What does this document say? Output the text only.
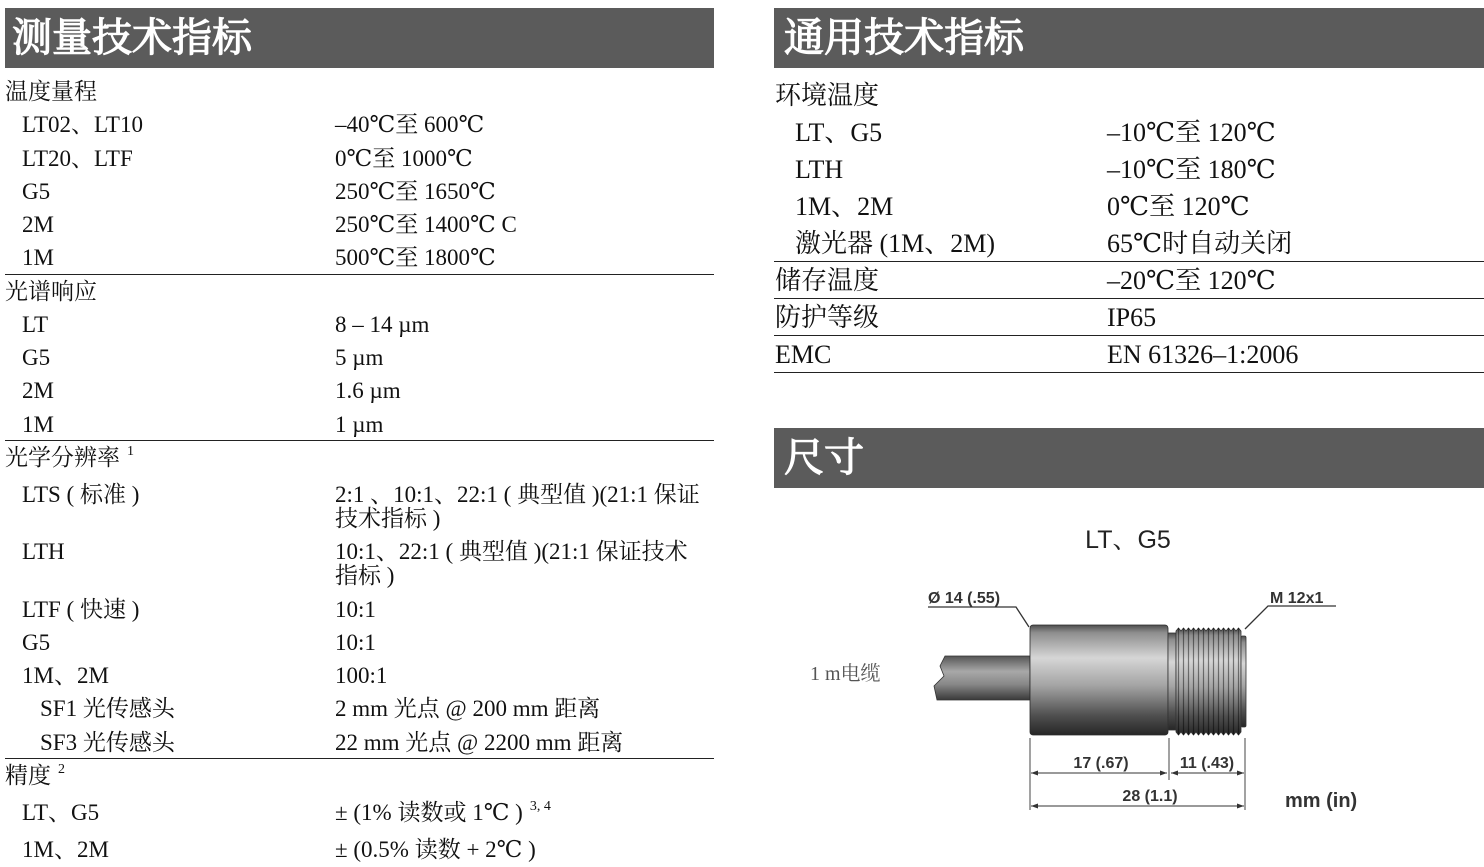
测量技术指标
温度量程
LT02、LT10	–40℃至 600℃
LT20、LTF	0℃至 1000℃
G5	250℃至 1650℃
2M	250℃至 1400℃ C
1M	500℃至 1800℃
光谱响应
LT	8 – 14 µm
G5	5 µm
2M	1.6 µm
1M	1 µm
光学分辨率 $^1$
LTS ( 标准 )	2:1 、10:1、22:1 ( 典型值 )(21:1 保证技术指标 )
LTH	10:1、22:1 ( 典型值 )(21:1 保证技术指标 )
LTF ( 快速 )	10:1
G5	10:1
1M、2M	100:1
SF1 光传感头	2 mm 光点 @ 200 mm 距离
SF3 光传感头	22 mm 光点 @ 2200 mm 距离
精度 $^2$
LT、G5	± (1% 读数或 1℃ ) $^{3, 4}$
1M、2M	± (0.5% 读数 + 2℃ )
通用技术指标
环境温度
LT、G5	–10℃至 120℃
LTH	–10℃至 180℃
1M、2M	0℃至 120℃
激光器 (1M、2M)	65℃时自动关闭
储存温度	–20℃至 120℃
防护等级	IP65
EMC	EN 61326–1:2006
尺寸
LT、G5
Ø 14 (.55)	M 12x1
1 m电缆
17 (.67)	11 (.43)
28 (1.1)	mm (in)
